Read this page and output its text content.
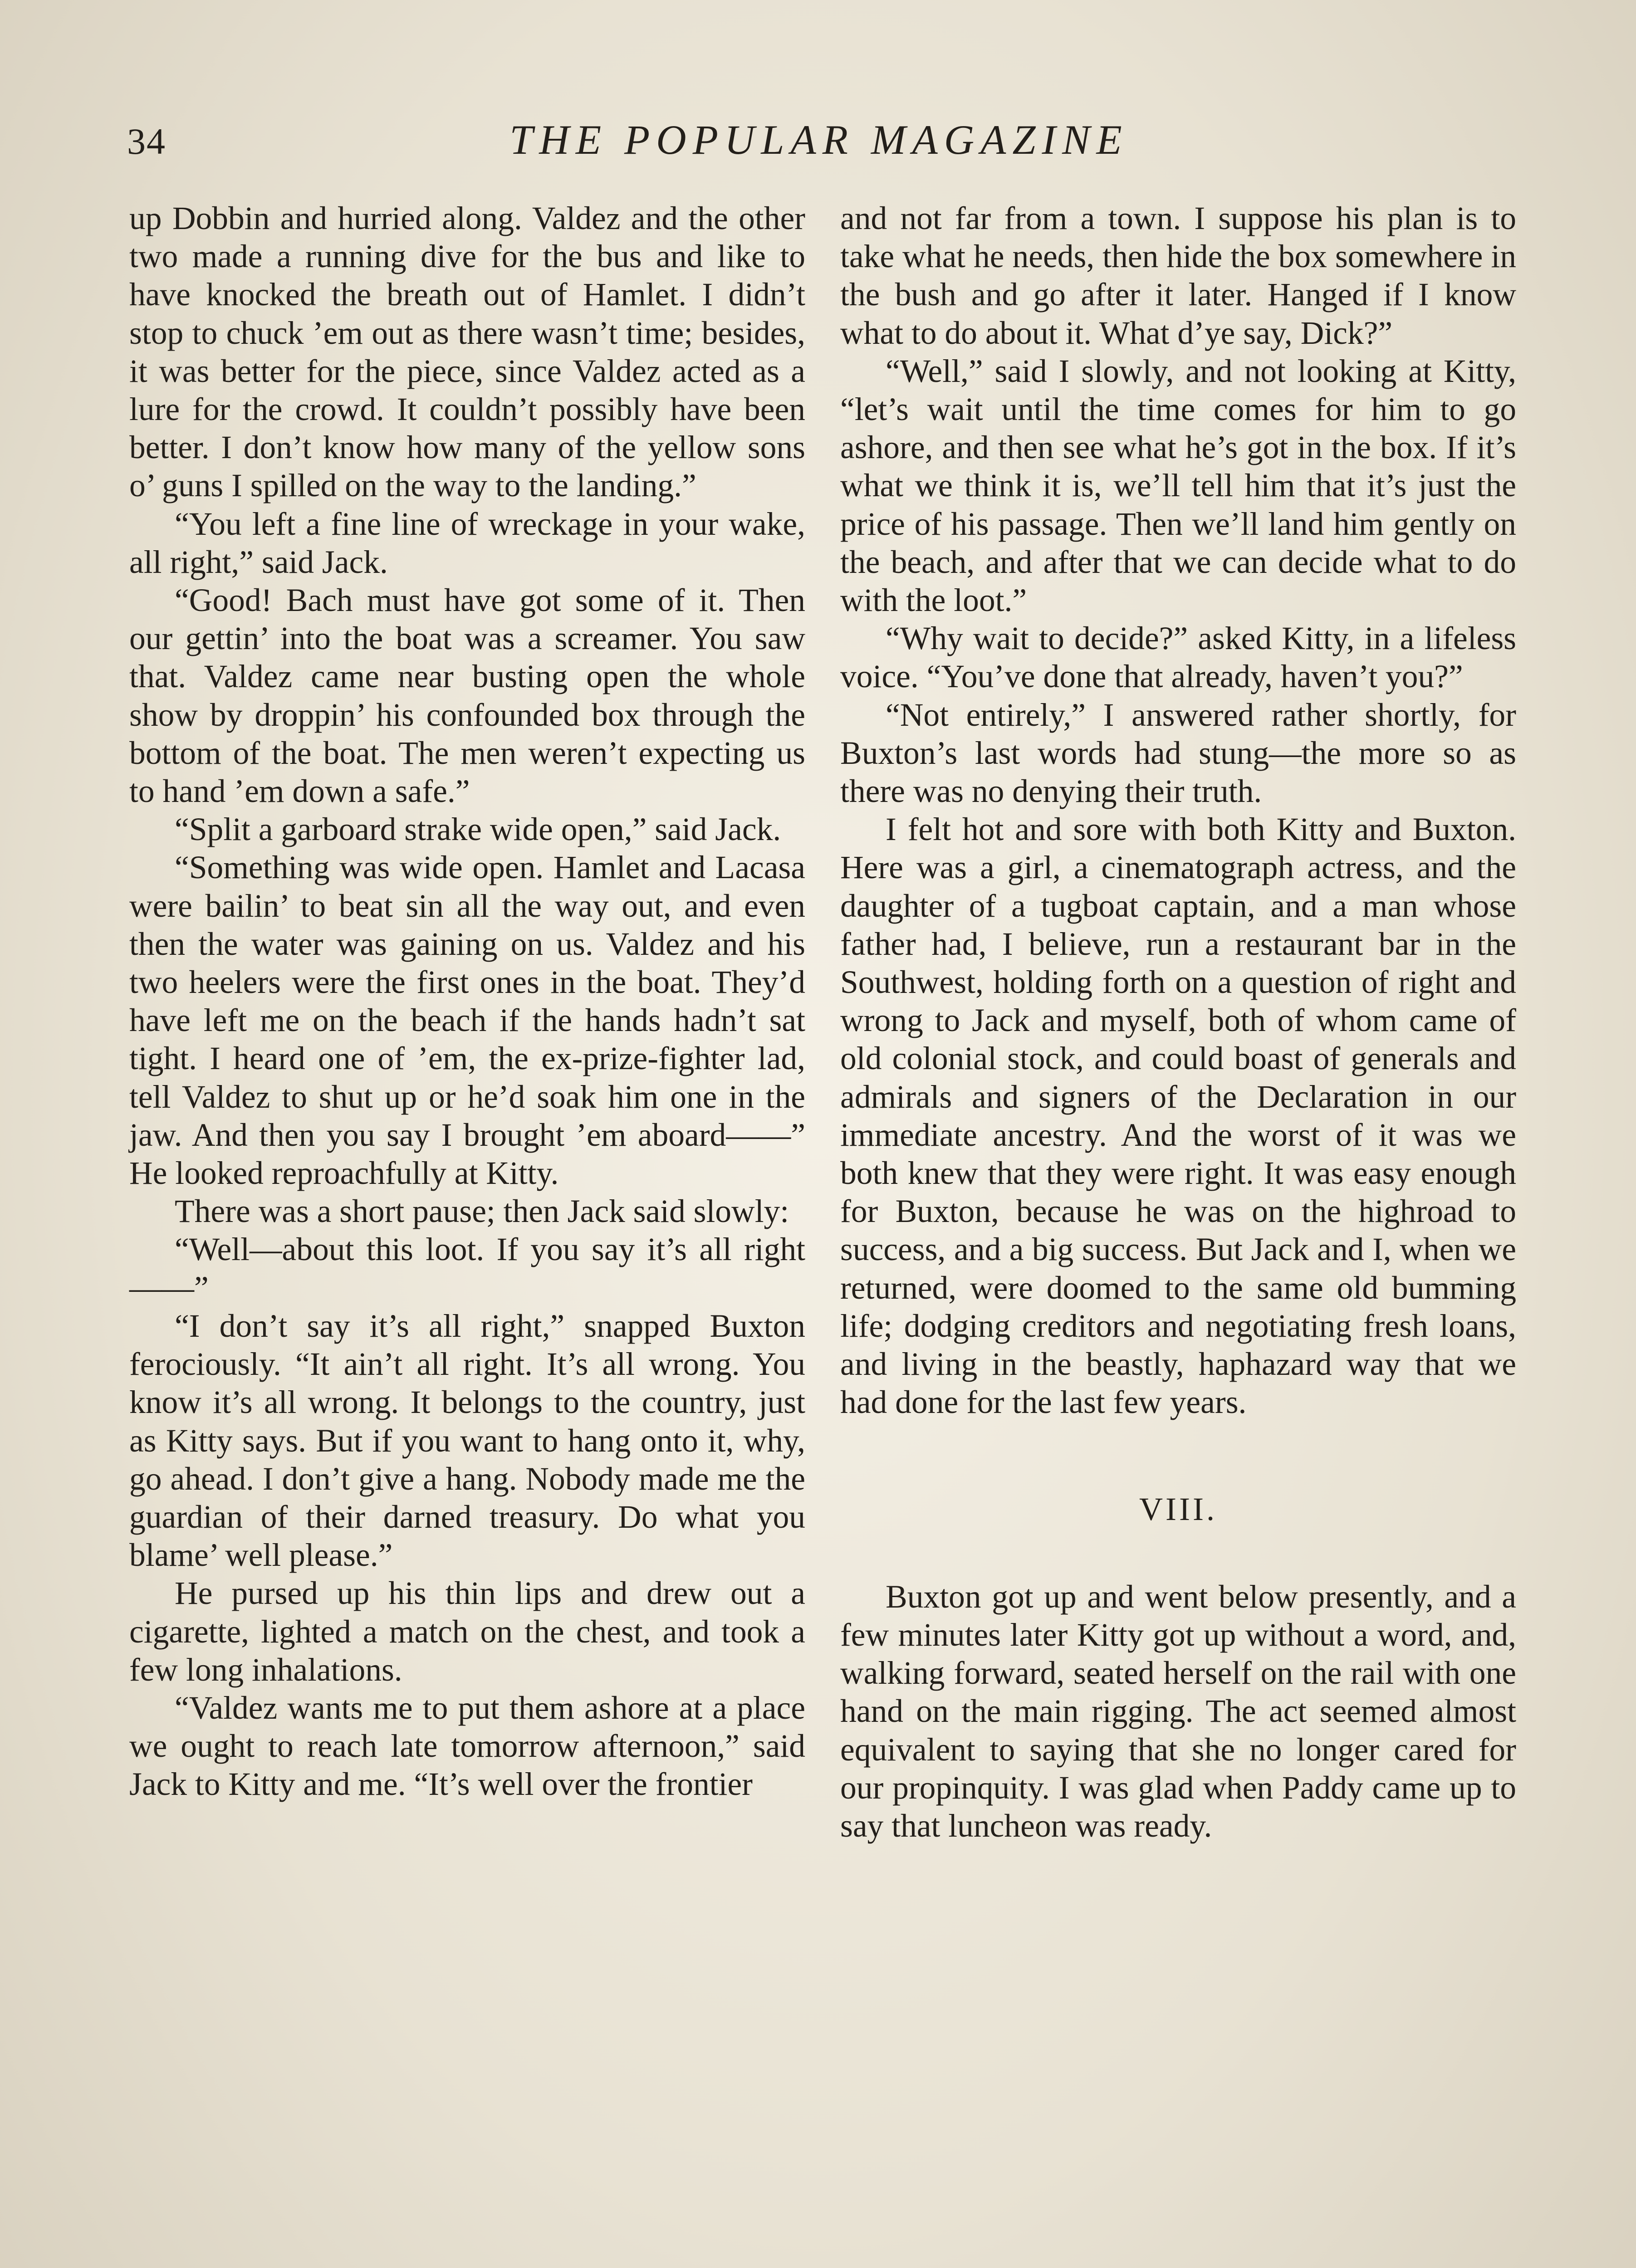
34	THE POPULAR MAGAZINE

up Dobbin and hurried along. Valdez and the other two made a running dive for the bus and like to have knocked the breath out of Hamlet. I didn’t stop to chuck ’em out as there wasn’t time; besides, it was better for the piece, since Valdez acted as a lure for the crowd. It couldn’t possibly have been better. I don’t know how many of the yellow sons o’ guns I spilled on the way to the landing.”

“You left a fine line of wreckage in your wake, all right,” said Jack.

“Good! Bach must have got some of it. Then our gettin’ into the boat was a screamer. You saw that. Valdez came near busting open the whole show by droppin’ his confounded box through the bottom of the boat. The men weren’t expecting us to hand ’em down a safe.”

“Split a garboard strake wide open,” said Jack.

“Something was wide open. Hamlet and Lacasa were bailin’ to beat sin all the way out, and even then the water was gaining on us. Valdez and his two heelers were the first ones in the boat. They’d have left me on the beach if the hands hadn’t sat tight. I heard one of ’em, the ex-prize-fighter lad, tell Valdez to shut up or he’d soak him one in the jaw. And then you say I brought ’em aboard——” He looked reproachfully at Kitty.

There was a short pause; then Jack said slowly:

“Well—about this loot. If you say it’s all right——”

“I don’t say it’s all right,” snapped Buxton ferociously. “It ain’t all right. It’s all wrong. You know it’s all wrong. It belongs to the country, just as Kitty says. But if you want to hang onto it, why, go ahead. I don’t give a hang. Nobody made me the guardian of their darned treasury. Do what you blame’ well please.”

He pursed up his thin lips and drew out a cigarette, lighted a match on the chest, and took a few long inhalations.

“Valdez wants me to put them ashore at a place we ought to reach late tomorrow afternoon,” said Jack to Kitty and me. “It’s well over the frontier

and not far from a town. I suppose his plan is to take what he needs, then hide the box somewhere in the bush and go after it later. Hanged if I know what to do about it. What d’ye say, Dick?”

“Well,” said I slowly, and not looking at Kitty, “let’s wait until the time comes for him to go ashore, and then see what he’s got in the box. If it’s what we think it is, we’ll tell him that it’s just the price of his passage. Then we’ll land him gently on the beach, and after that we can decide what to do with the loot.”

“Why wait to decide?” asked Kitty, in a lifeless voice. “You’ve done that already, haven’t you?”

“Not entirely,” I answered rather shortly, for Buxton’s last words had stung—the more so as there was no denying their truth.

I felt hot and sore with both Kitty and Buxton. Here was a girl, a cinematograph actress, and the daughter of a tugboat captain, and a man whose father had, I believe, run a restaurant bar in the Southwest, holding forth on a question of right and wrong to Jack and myself, both of whom came of old colonial stock, and could boast of generals and admirals and signers of the Declaration in our immediate ancestry. And the worst of it was we both knew that they were right. It was easy enough for Buxton, because he was on the highroad to success, and a big success. But Jack and I, when we returned, were doomed to the same old bumming life; dodging creditors and negotiating fresh loans, and living in the beastly, haphazard way that we had done for the last few years.

VIII.

Buxton got up and went below presently, and a few minutes later Kitty got up without a word, and, walking forward, seated herself on the rail with one hand on the main rigging. The act seemed almost equivalent to saying that she no longer cared for our propinquity. I was glad when Paddy came up to say that luncheon was ready.
